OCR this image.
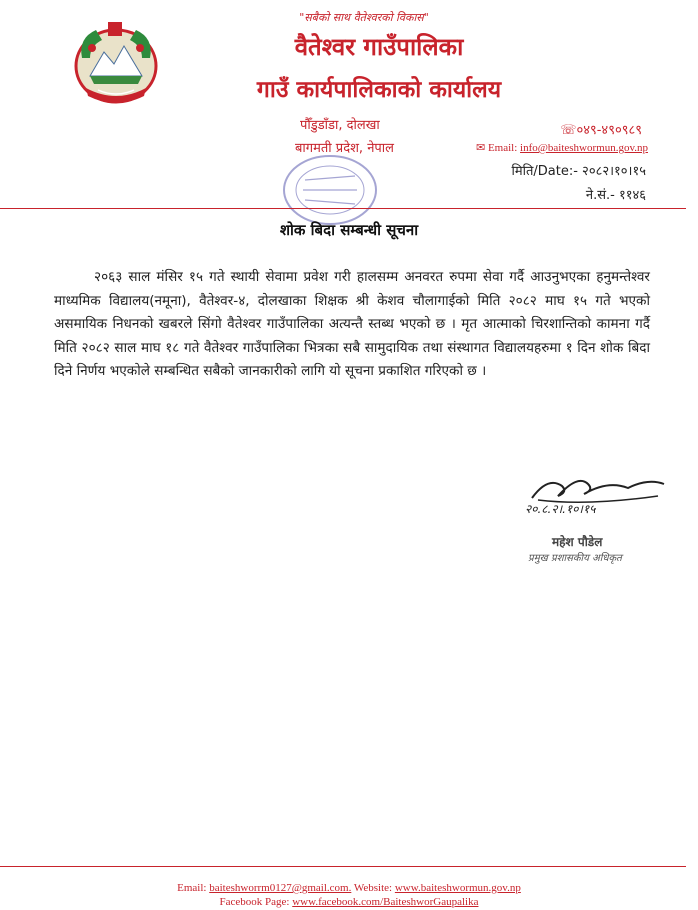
"सबैको साथ वैतेश्वरको विकास"
वैतेश्वर गाउँपालिका
गाउँ कार्यपालिकाको कार्यालय
पौँडुडाँडा, दोलखा
बागमती प्रदेश, नेपाल
☏०४९-४९०९८९
✉ Email: info@baiteshwormun.gov.np
मिति/Date:- २०८२।१०।१५
ने.सं.- ११४६
शोक बिदा सम्बन्धी सूचना
२०६३ साल मंसिर १५ गते स्थायी सेवामा प्रवेश गरी हालसम्म अनवरत रुपमा सेवा गर्दै आउनुभएका हनुमन्तेश्वर माध्यमिक विद्यालय(नमूना), वैतेश्वर-४, दोलखाका शिक्षक श्री केशव चौलागाईको मिति २०८२ माघ १५ गते भएको असमायिक निधनको खबरले सिंगो वैतेश्वर गाउँपालिका अत्यन्तै स्तब्ध भएको छ । मृत आत्माको चिरशान्तिको कामना गर्दै मिति २०८२ साल माघ १८ गते वैतेश्वर गाउँपालिका भित्रका सबै सामुदायिक तथा संस्थागत विद्यालयहरुमा १ दिन शोक बिदा दिने निर्णय भएकोले सम्बन्धित सबैको जानकारीको लागि यो सूचना प्रकाशित गरिएको छ ।
२०.८.२।.१०।१५
महेश पौडेल
प्रमुख प्रशासकीय अधिकृत
Email: baiteshworrm0127@gmail.com. Website: www.baiteshwormun.gov.np
Facebook Page: www.facebook.com/BaiteshworGaupalika
